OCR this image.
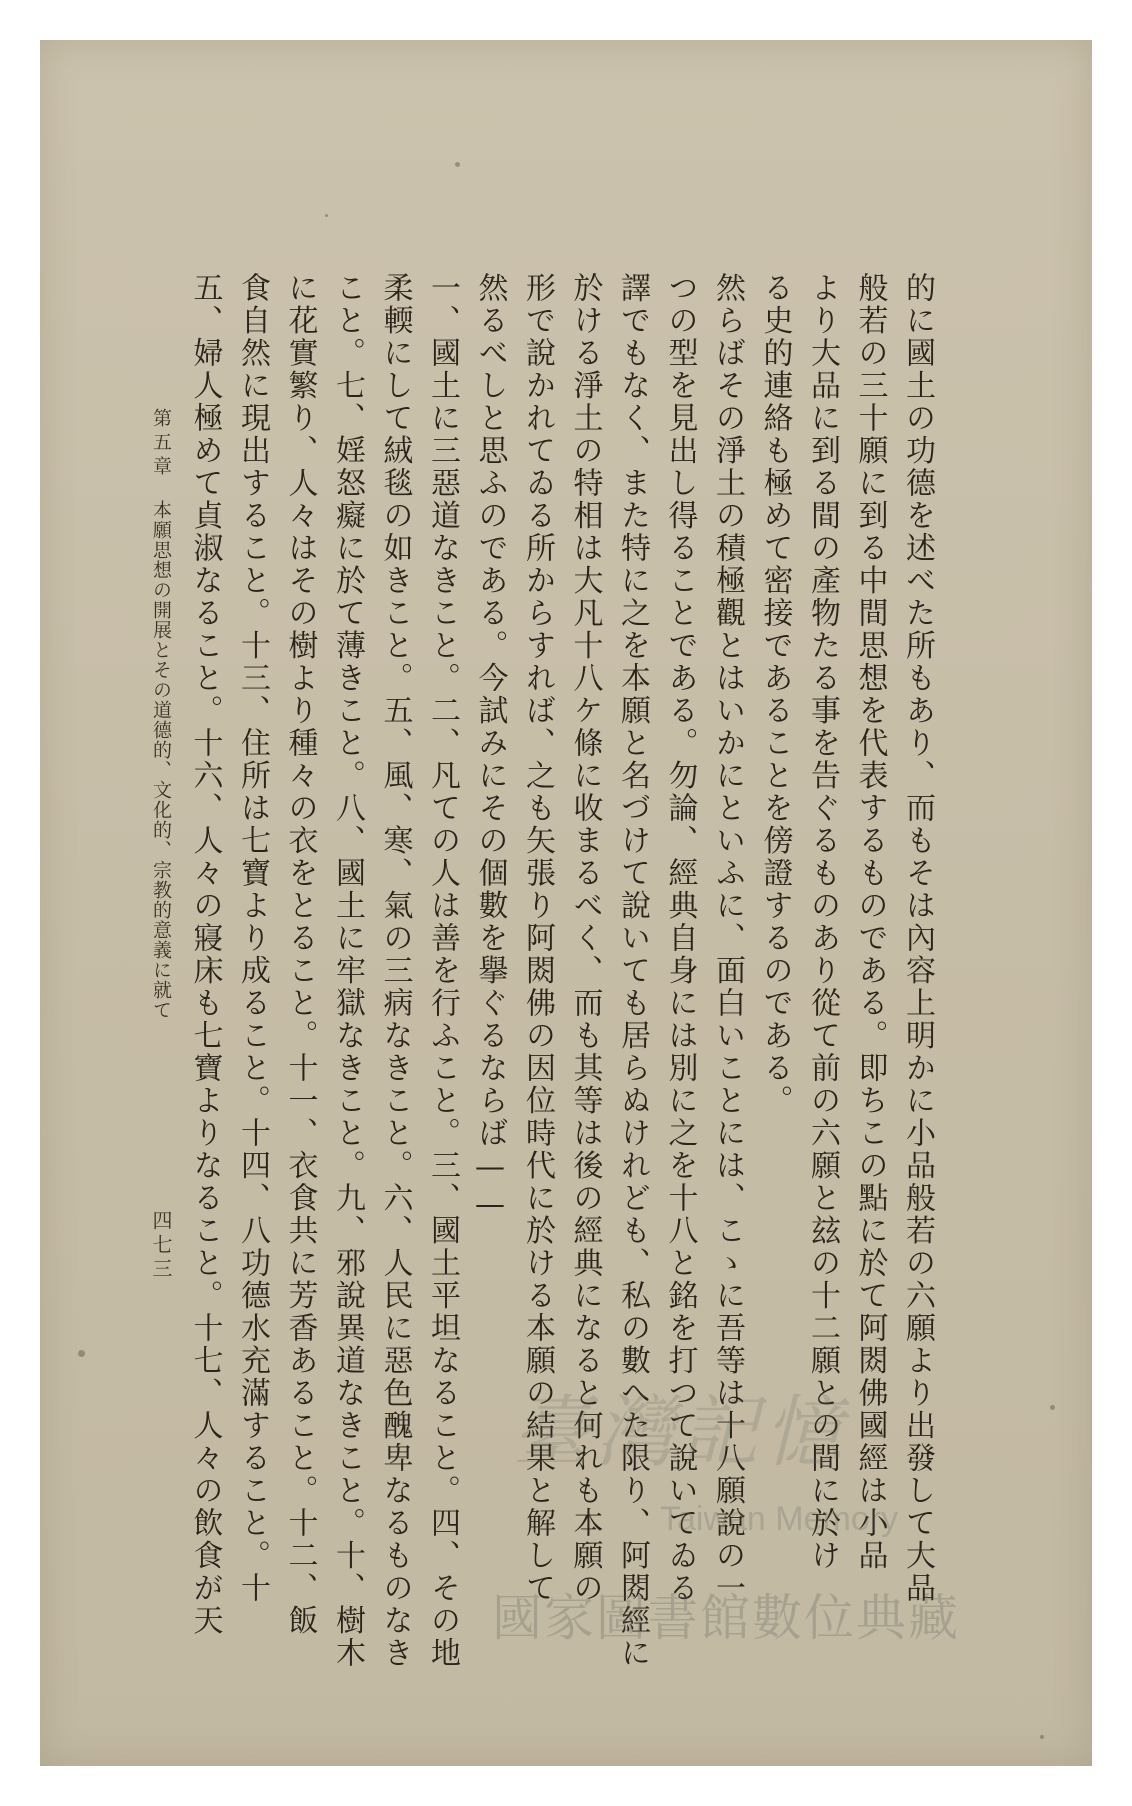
的に國土の功德を述べた所もあり、而もそは內容上明かに小品般若の六願より出發して大品
般若の三十願に到る中間思想を代表するものである。即ちこの點に於て阿閦佛國經は小品
より大品に到る間の產物たる事を告ぐるものあり從て前の六願と玆の十二願との間に於け
る史的連絡も極めて密接であることを傍證するのである。
然らばその淨土の積極觀とはいかにといふに、面白いことには、こゝに吾等は十八願說の一
つの型を見出し得ることである。勿論、經典自身には別に之を十八と銘を打つて說いてゐる
譯でもなく、また特に之を本願と名づけて說いても居らぬけれども、私の數へた限り、阿閦經に
於ける淨土の特相は大凡十八ケ條に收まるべく、而も其等は後の經典になると何れも本願の
形で說かれてゐる所からすれば、之も矢張り阿閦佛の因位時代に於ける本願の結果と解して
然るべしと思ふのである。今試みにその個數を擧ぐるならば——
一、國土に三惡道なきこと。二、凡ての人は善を行ふこと。三、國土平坦なること。四、その地
柔輭にして絨毯の如きこと。五、風、寒、氣の三病なきこと。六、人民に惡色醜卑なるものなき
こと。七、婬怒癡に於て薄きこと。八、國土に牢獄なきこと。九、邪說異道なきこと。十、樹木
に花實繁り、人々はその樹より種々の衣をとること。十一、衣食共に芳香あること。十二、飯
食自然に現出すること。十三、住所は七寶より成ること。十四、八功德水充滿すること。十
五、婦人極めて貞淑なること。十六、人々の寢床も七寶よりなること。十七、人々の飲食が天
第五章本願思想の開展とその道德的、文化的、宗教的意義に就て
四七三
臺灣記憶
Taiwan Memory
國家圖書館數位典藏
